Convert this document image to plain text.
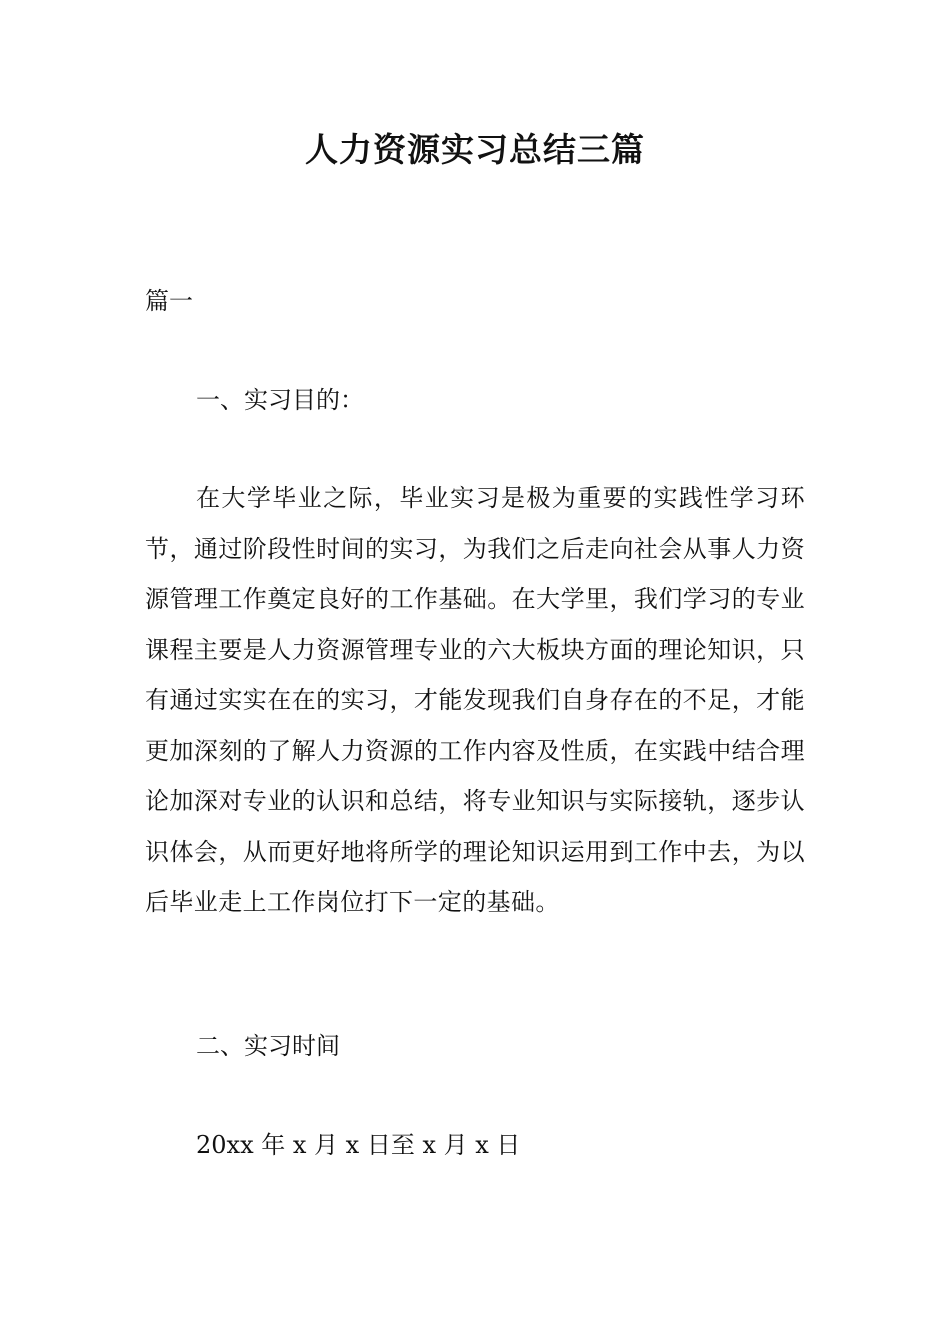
人力资源实习总结三篇
篇一
一、实习目的：
在大学毕业之际，毕业实习是极为重要的实践性学习环节，通过阶段性时间的实习，为我们之后走向社会从事人力资源管理工作奠定良好的工作基础。在大学里，我们学习的专业课程主要是人力资源管理专业的六大板块方面的理论知识，只有通过实实在在的实习，才能发现我们自身存在的不足，才能更加深刻的了解人力资源的工作内容及性质，在实践中结合理论加深对专业的认识和总结，将专业知识与实际接轨，逐步认识体会，从而更好地将所学的理论知识运用到工作中去，为以后毕业走上工作岗位打下一定的基础。
二、实习时间
20xx 年 x 月 x 日至 x 月 x 日
